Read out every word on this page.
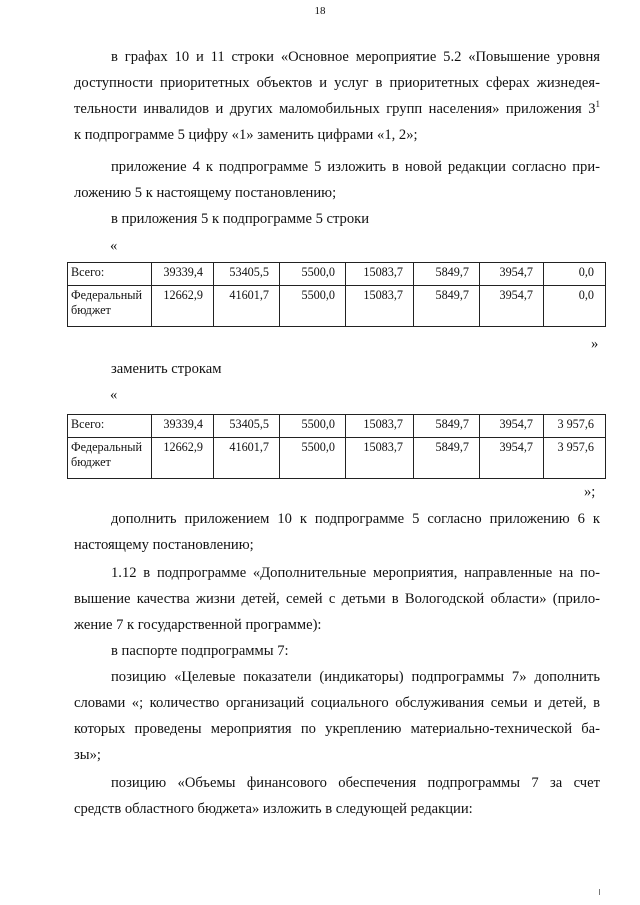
18
в графах 10 и 11 строки «Основное мероприятие 5.2 «Повышение уровня
доступности приоритетных объектов и услуг в приоритетных сферах жизнедея-
тельности инвалидов и других маломобильных групп населения» приложения $3^1$
к подпрограмме 5 цифру «1» заменить цифрами «1, 2»;
приложение 4 к подпрограмме 5 изложить в новой редакции согласно при-
ложению 5 к настоящему постановлению;
в приложения 5 к подпрограмме 5 строки
«
Всего:	39339,4	53405,5	5500,0	15083,7	5849,7	3954,7	0,0
Федеральный бюджет	12662,9	41601,7	5500,0	15083,7	5849,7	3954,7	0,0
»
заменить строкам
«
Всего:	39339,4	53405,5	5500,0	15083,7	5849,7	3954,7	3 957,6
Федеральный бюджет	12662,9	41601,7	5500,0	15083,7	5849,7	3954,7	3 957,6
»;
дополнить приложением 10 к подпрограмме 5 согласно приложению 6 к
настоящему постановлению;
1.12 в подпрограмме «Дополнительные мероприятия, направленные на по-
вышение качества жизни детей, семей с детьми в Вологодской области» (прило-
жение 7 к государственной программе):
в паспорте подпрограммы 7:
позицию «Целевые показатели (индикаторы) подпрограммы 7» дополнить
словами «; количество организаций социального обслуживания семьи и детей, в
которых проведены мероприятия по укреплению материально-технической ба-
зы»;
позицию «Объемы финансового обеспечения подпрограммы 7 за счет
средств областного бюджета» изложить в следующей редакции:
